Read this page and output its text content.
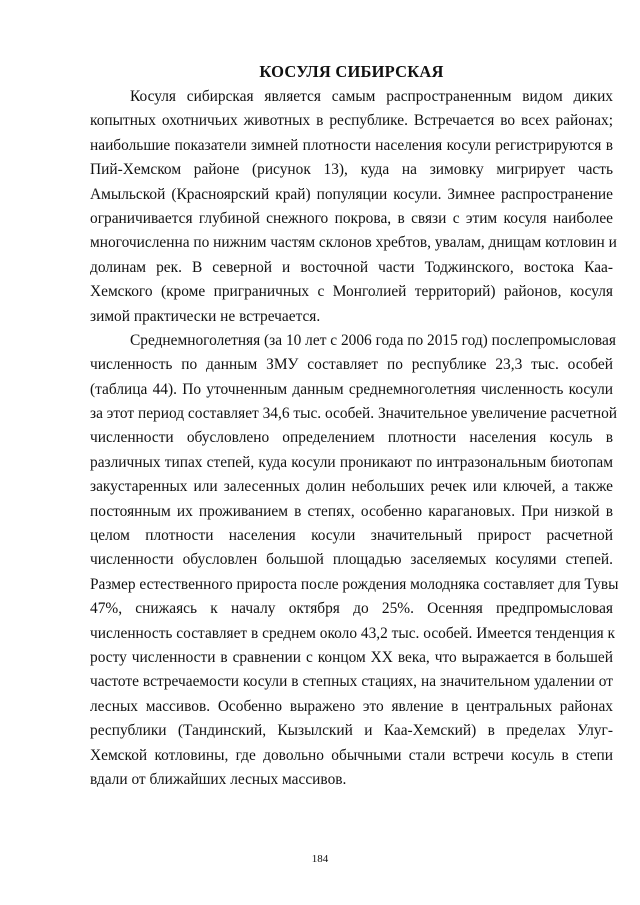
КОСУЛЯ СИБИРСКАЯ
Косуля сибирская является самым распространенным видом диких
копытных охотничьих животных в республике. Встречается во всех районах;
наибольшие показатели зимней плотности населения косули регистрируются в
Пий-Хемском районе (рисунок 13), куда на зимовку мигрирует часть
Амыльской (Красноярский край) популяции косули. Зимнее распространение
ограничивается глубиной снежного покрова, в связи с этим косуля наиболее
многочисленна по нижним частям склонов хребтов, увалам, днищам котловин и
долинам рек. В северной и восточной части Тоджинского, востока Каа-
Хемского (кроме приграничных с Монголией территорий) районов, косуля
зимой практически не встречается.
Среднемноголетняя (за 10 лет с 2006 года по 2015 год) послепромысловая
численность по данным ЗМУ составляет по республике 23,3 тыс. особей
(таблица 44). По уточненным данным среднемноголетняя численность косули
за этот период составляет 34,6 тыс. особей. Значительное увеличение расчетной
численности обусловлено определением плотности населения косуль в
различных типах степей, куда косули проникают по интразональным биотопам
закустаренных или залесенных долин небольших речек или ключей, а также
постоянным их проживанием в степях, особенно карагановых. При низкой в
целом плотности населения косули значительный прирост расчетной
численности обусловлен большой площадью заселяемых косулями степей.
Размер естественного прироста после рождения молодняка составляет для Тувы
47%, снижаясь к началу октября до 25%. Осенняя предпромысловая
численность составляет в среднем около 43,2 тыс. особей. Имеется тенденция к
росту численности в сравнении с концом XX века, что выражается в большей
частоте встречаемости косули в степных стациях, на значительном удалении от
лесных массивов. Особенно выражено это явление в центральных районах
республики (Тандинский, Кызылский и Каа-Хемский) в пределах Улуг-
Хемской котловины, где довольно обычными стали встречи косуль в степи
вдали от ближайших лесных массивов.
184
